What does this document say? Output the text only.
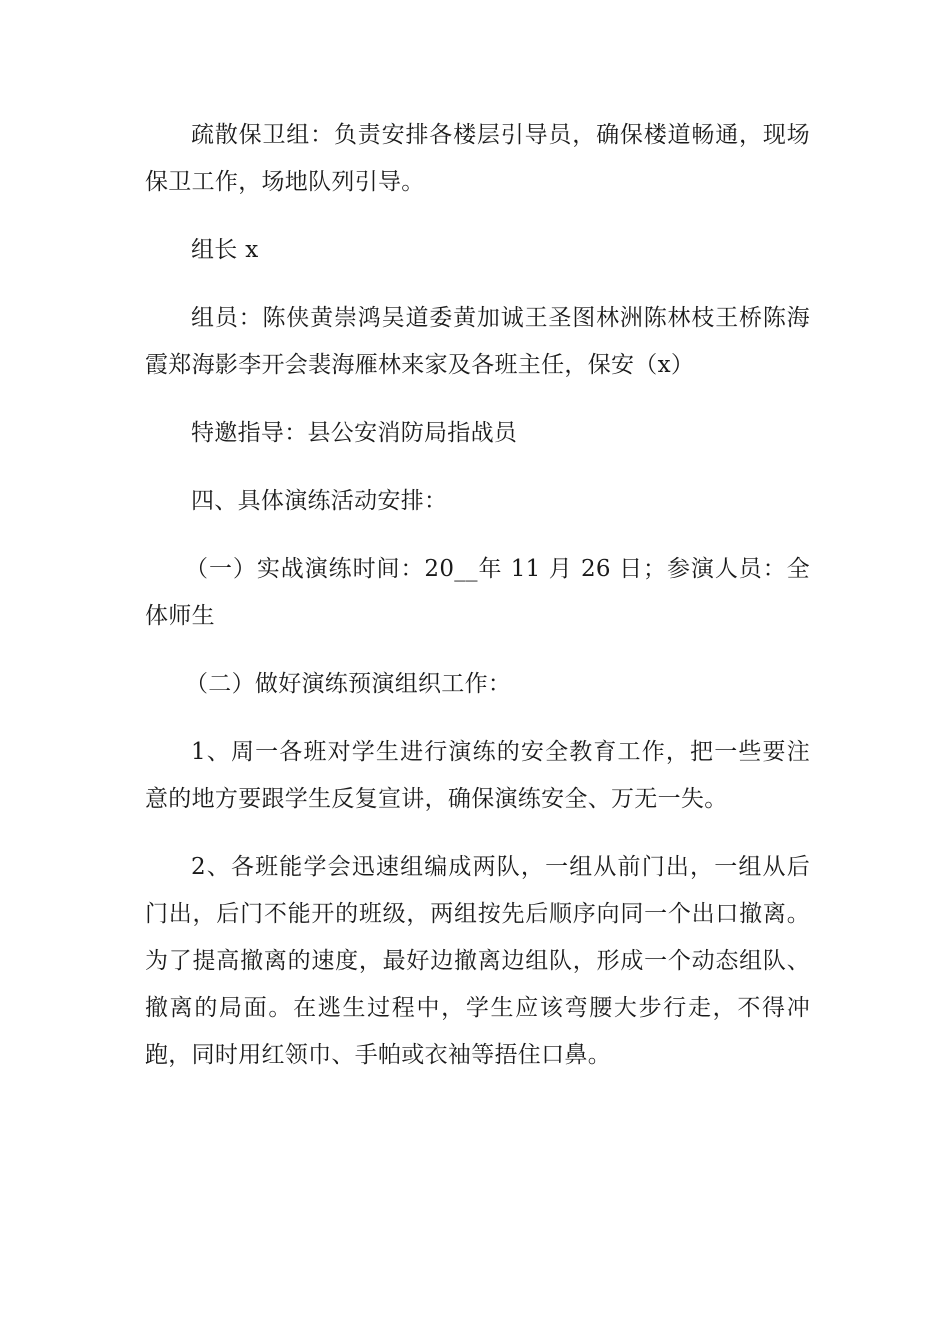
疏散保卫组：负责安排各楼层引导员，确保楼道畅通，现场保卫工作，场地队列引导。

组长 x

组员：陈侠黄崇鸿吴道委黄加诚王圣图林洲陈林枝王桥陈海霞郑海影李开会裴海雁林来家及各班主任，保安（x）

特邀指导：县公安消防局指战员

四、具体演练活动安排：

（一）实战演练时间：20__年 11 月 26 日；参演人员：全体师生

（二）做好演练预演组织工作：

1、周一各班对学生进行演练的安全教育工作，把一些要注意的地方要跟学生反复宣讲，确保演练安全、万无一失。

2、各班能学会迅速组编成两队，一组从前门出，一组从后门出，后门不能开的班级，两组按先后顺序向同一个出口撤离。为了提高撤离的速度，最好边撤离边组队，形成一个动态组队、撤离的局面。在逃生过程中，学生应该弯腰大步行走，不得冲跑，同时用红领巾、手帕或衣袖等捂住口鼻。
